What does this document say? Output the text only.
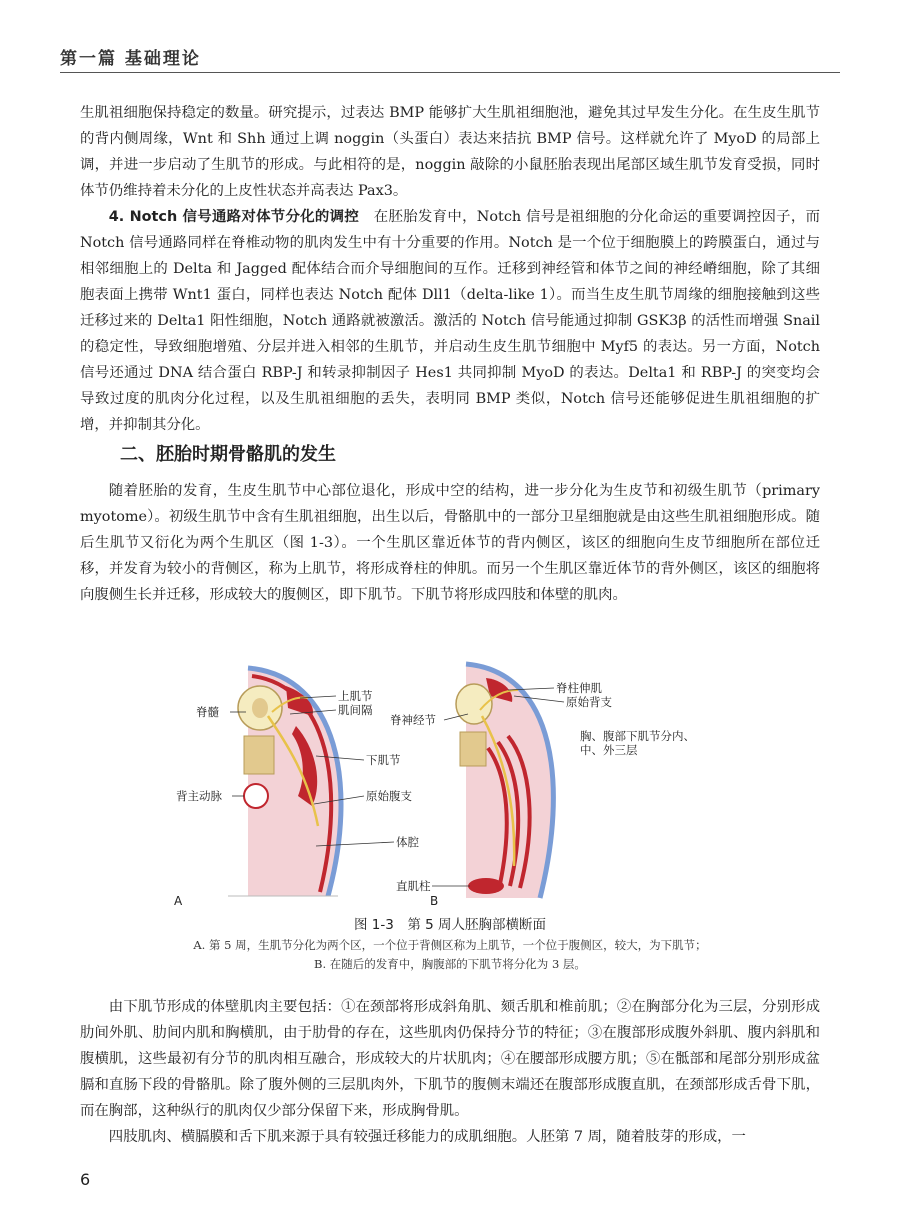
第一篇 基础理论

生肌祖细胞保持稳定的数量。研究提示，过表达 BMP 能够扩大生肌祖细胞池，避免其过早发生分化。在生皮生肌节的背内侧周缘，Wnt 和 Shh 通过上调 noggin（头蛋白）表达来拮抗 BMP 信号。这样就允许了 MyoD 的局部上调，并进一步启动了生肌节的形成。与此相符的是，noggin 敲除的小鼠胚胎表现出尾部区域生肌节发育受损，同时体节仍维持着未分化的上皮性状态并高表达 Pax3。

4. Notch 信号通路对体节分化的调控　 在胚胎发育中，Notch 信号是祖细胞的分化命运的重要调控因子，而 Notch 信号通路同样在脊椎动物的肌肉发生中有十分重要的作用。Notch 是一个位于细胞膜上的跨膜蛋白，通过与相邻细胞上的 Delta 和 Jagged 配体结合而介导细胞间的互作。迁移到神经管和体节之间的神经嵴细胞，除了其细胞表面上携带 Wnt1 蛋白，同样也表达 Notch 配体 Dll1（delta-like 1）。而当生皮生肌节周缘的细胞接触到这些迁移过来的 Delta1 阳性细胞，Notch 通路就被激活。激活的 Notch 信号能通过抑制 GSK3β 的活性而增强 Snail 的稳定性，导致细胞增殖、分层并进入相邻的生肌节，并启动生皮生肌节细胞中 Myf5 的表达。另一方面，Notch 信号还通过 DNA 结合蛋白 RBP-J 和转录抑制因子 Hes1 共同抑制 MyoD 的表达。Delta1 和 RBP-J 的突变均会导致过度的肌肉分化过程，以及生肌祖细胞的丢失，表明同 BMP 类似，Notch 信号还能够促进生肌祖细胞的扩增，并抑制其分化。

二、胚胎时期骨骼肌的发生

随着胚胎的发育，生皮生肌节中心部位退化，形成中空的结构，进一步分化为生皮节和初级生肌节（primary myotome）。初级生肌节中含有生肌祖细胞，出生以后，骨骼肌中的一部分卫星细胞就是由这些生肌祖细胞形成。随后生肌节又衍化为两个生肌区（图 1-3）。一个生肌区靠近体节的背内侧区，该区的细胞向生皮节细胞所在部位迁移，并发育为较小的背侧区，称为上肌节，将形成脊柱的伸肌。而另一个生肌区靠近体节的背外侧区，该区的细胞将向腹侧生长并迁移，形成较大的腹侧区，即下肌节。下肌节将形成四肢和体壁的肌肉。

脊髓
上肌节
肌间隔
下肌节
背主动脉	原始腹支
体腔
脊柱伸肌
原始背支
脊神经节
胸、腹部下肌节分内、
中、外三层
直肌柱
A	B

图 1-3　第 5 周人胚胸部横断面

A. 第 5 周，生肌节分化为两个区，一个位于背侧区称为上肌节，一个位于腹侧区，较大，为下肌节；

B. 在随后的发育中，胸腹部的下肌节将分化为 3 层。

由下肌节形成的体壁肌肉主要包括：①在颈部将形成斜角肌、颏舌肌和椎前肌；②在胸部分化为三层，分别形成肋间外肌、肋间内肌和胸横肌，由于肋骨的存在，这些肌肉仍保持分节的特征；③在腹部形成腹外斜肌、腹内斜肌和腹横肌，这些最初有分节的肌肉相互融合，形成较大的片状肌肉；④在腰部形成腰方肌；⑤在骶部和尾部分别形成盆膈和直肠下段的骨骼肌。除了腹外侧的三层肌肉外，下肌节的腹侧末端还在腹部形成腹直肌，在颈部形成舌骨下肌，而在胸部，这种纵行的肌肉仅少部分保留下来，形成胸骨肌。

四肢肌肉、横膈膜和舌下肌来源于具有较强迁移能力的成肌细胞。人胚第 7 周，随着肢芽的形成，一

6
